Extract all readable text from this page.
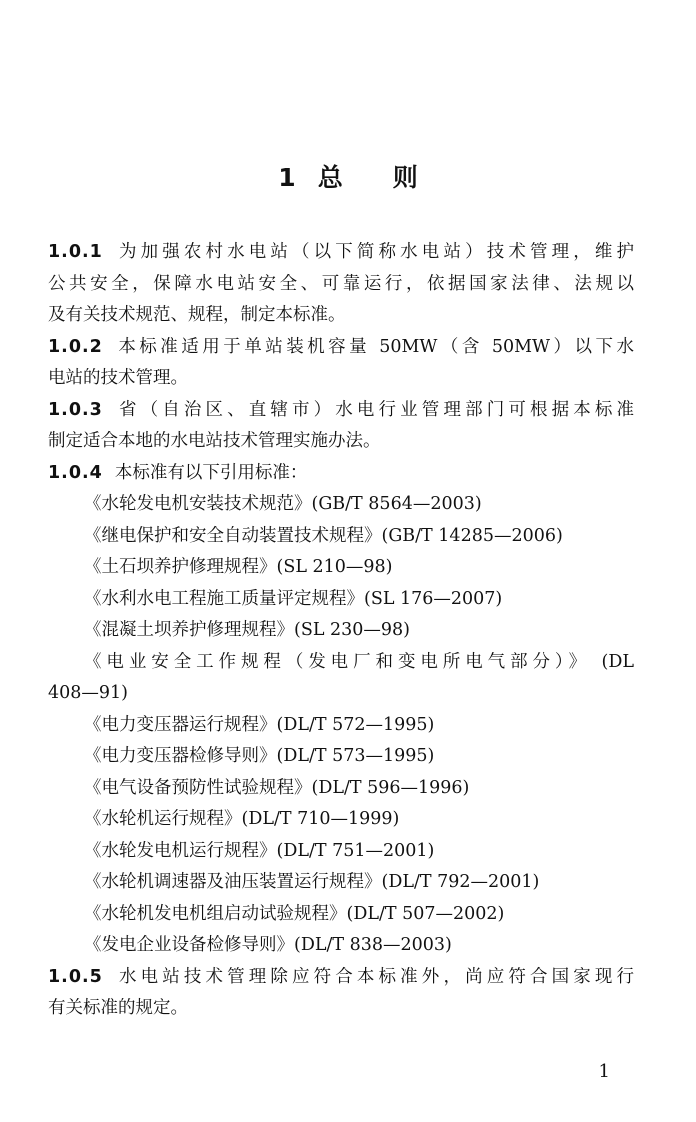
1 总 则
1.0.1 为加强农村水电站（以下简称水电站）技术管理，维护
公共安全，保障水电站安全、可靠运行，依据国家法律、法规以
及有关技术规范、规程，制定本标准。
1.0.2 本标准适用于单站装机容量 50MW（含 50MW）以下水
电站的技术管理。
1.0.3 省（自治区、直辖市）水电行业管理部门可根据本标准
制定适合本地的水电站技术管理实施办法。
1.0.4 本标准有以下引用标准：
《水轮发电机安装技术规范》(GB/T 8564—2003)
《继电保护和安全自动装置技术规程》(GB/T 14285—2006)
《土石坝养护修理规程》(SL 210—98)
《水利水电工程施工质量评定规程》(SL 176—2007)
《混凝土坝养护修理规程》(SL 230—98)
《电业安全工作规程（发电厂和变电所电气部分）》 (DL
408—91)
《电力变压器运行规程》(DL/T 572—1995)
《电力变压器检修导则》(DL/T 573—1995)
《电气设备预防性试验规程》(DL/T 596—1996)
《水轮机运行规程》(DL/T 710—1999)
《水轮发电机运行规程》(DL/T 751—2001)
《水轮机调速器及油压装置运行规程》(DL/T 792—2001)
《水轮机发电机组启动试验规程》(DL/T 507—2002)
《发电企业设备检修导则》(DL/T 838—2003)
1.0.5 水电站技术管理除应符合本标准外，尚应符合国家现行
有关标准的规定。
1
